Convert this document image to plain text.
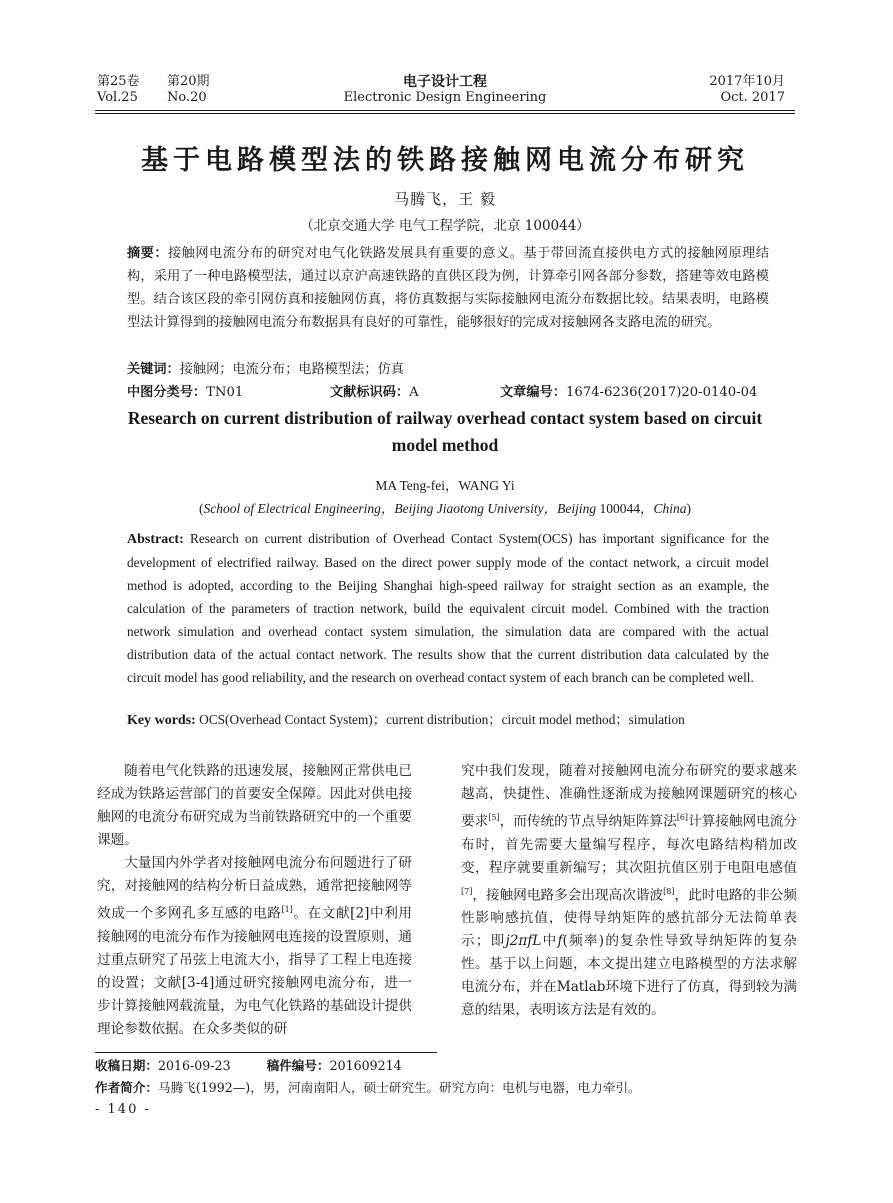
第25卷 第20期
Vol.25 No.20
电子设计工程
Electronic Design Engineering
2017年10月
Oct. 2017
基于电路模型法的铁路接触网电流分布研究
马腾飞，王 毅
（北京交通大学 电气工程学院，北京 100044）
摘要：接触网电流分布的研究对电气化铁路发展具有重要的意义。基于带回流直接供电方式的接触网原理结构，采用了一种电路模型法，通过以京沪高速铁路的直供区段为例，计算牵引网各部分参数，搭建等效电路模型。结合该区段的牵引网仿真和接触网仿真，将仿真数据与实际接触网电流分布数据比较。结果表明，电路模型法计算得到的接触网电流分布数据具有良好的可靠性，能够很好的完成对接触网各支路电流的研究。
关键词：接触网；电流分布；电路模型法；仿真
中图分类号：TN01	文献标识码：A	文章编号：1674-6236(2017)20-0140-04
Research on current distribution of railway overhead contact system based on circuit model method
MA Teng-fei，WANG Yi
(School of Electrical Engineering，Beijing Jiaotong University，Beijing 100044，China)
Abstract: Research on current distribution of Overhead Contact System(OCS) has important significance for the development of electrified railway. Based on the direct power supply mode of the contact network, a circuit model method is adopted, according to the Beijing Shanghai high-speed railway for straight section as an example, the calculation of the parameters of traction network, build the equivalent circuit model. Combined with the traction network simulation and overhead contact system simulation, the simulation data are compared with the actual distribution data of the actual contact network. The results show that the current distribution data calculated by the circuit model has good reliability, and the research on overhead contact system of each branch can be completed well.
Key words: OCS(Overhead Contact System)；current distribution；circuit model method；simulation

随着电气化铁路的迅速发展，接触网正常供电已经成为铁路运营部门的首要安全保障。因此对供电接触网的电流分布研究成为当前铁路研究中的一个重要课题。

大量国内外学者对接触网电流分布问题进行了研究，对接触网的结构分析日益成熟，通常把接触网等效成一个多网孔多互感的电路[1]。在文献[2]中利用接触网的电流分布作为接触网电连接的设置原则，通过重点研究了吊弦上电流大小，指导了工程上电连接的设置；文献[3-4]通过研究接触网电流分布，进一步计算接触网载流量，为电气化铁路的基础设计提供理论参数依据。在众多类似的研

究中我们发现，随着对接触网电流分布研究的要求越来越高，快捷性、准确性逐渐成为接触网课题研究的核心要求[5]，而传统的节点导纳矩阵算法[6]计算接触网电流分布时，首先需要大量编写程序，每次电路结构稍加改变，程序就要重新编写；其次阻抗值区别于电阻电感值[7]，接触网电路多会出现高次谐波[8]，此时电路的非公频性影响感抗值，使得导纳矩阵的感抗部分无法简单表示；即j2πfL中f(频率)的复杂性导致导纳矩阵的复杂性。基于以上问题，本文提出建立电路模型的方法求解电流分布，并在Matlab环境下进行了仿真，得到较为满意的结果，表明该方法是有效的。

收稿日期：2016-09-23	稿件编号：201609214
作者简介：马腾飞(1992—)，男，河南南阳人，硕士研究生。研究方向：电机与电器，电力牵引。
- 140 -
